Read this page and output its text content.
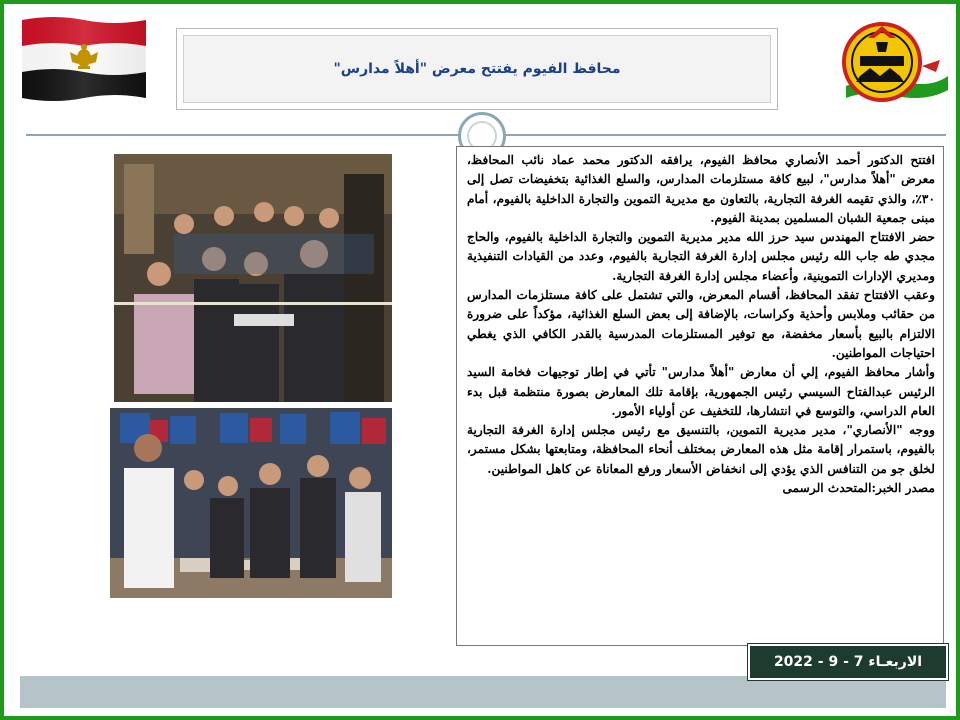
محافظ الفيوم يفتتح معرض "أهلاً مدارس"

افتتح الدكتور أحمد الأنصاري محافظ الفيوم، يرافقه الدكتور محمد عماد نائب المحافظ، معرض "أهلاً مدارس"، لبيع كافة مستلزمات المدارس، والسلع الغذائية بتخفيضات تصل إلى ٣٠٪، والذي تقيمه الغرفة التجارية، بالتعاون مع مديرية التموين والتجارة الداخلية بالفيوم، أمام مبنى جمعية الشبان المسلمين بمدينة الفيوم.

حضر الافتتاح المهندس سيد حرز الله مدير مديرية التموين والتجارة الداخلية بالفيوم، والحاج مجدي طه جاب الله رئيس مجلس إدارة الغرفة التجارية بالفيوم، وعدد من القيادات التنفيذية ومديري الإدارات التموينية، وأعضاء مجلس إدارة الغرفة التجارية.

وعقب الافتتاح تفقد المحافظ، أقسام المعرض، والتي تشتمل على كافة مستلزمات المدارس من حقائب وملابس وأحذية وكراسات، بالإضافة إلى بعض السلع الغذائية، مؤكداً على ضرورة الالتزام بالبيع بأسعار مخفضة، مع توفير المستلزمات المدرسية بالقدر الكافي الذي يغطي احتياجات المواطنين.

وأشار محافظ الفيوم، إلي أن معارض "أهلاً مدارس" تأتي في إطار توجيهات فخامة السيد الرئيس عبدالفتاح السيسي رئيس الجمهورية، بإقامة تلك المعارض بصورة منتظمة قبل بدء العام الدراسي، والتوسع في انتشارها، للتخفيف عن أولياء الأمور.

ووجه "الأنصاري"، مدير مديرية التموين، بالتنسيق مع رئيس مجلس إدارة الغرفة التجارية بالفيوم، باستمرار إقامة مثل هذه المعارض بمختلف أنحاء المحافظة، ومتابعتها بشكل مستمر، لخلق جو من التنافس الذي يؤدي إلى انخفاض الأسعار ورفع المعاناة عن كاهل المواطنين.

مصدر الخبر:المتحدث الرسمى

الاربعـاء 7 - 9 - 2022
